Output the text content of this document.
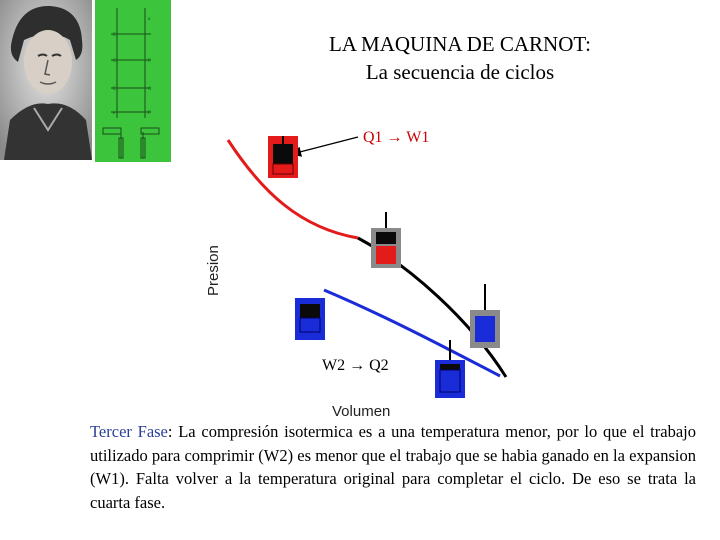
E
a
C	F
E	C
e	F
LA MAQUINA DE CARNOT:
La secuencia de ciclos
Presion
Volumen
Q1 → W1
W2 → Q2
Tercer Fase: La compresión isotermica es a una temperatura menor, por lo que el trabajo utilizado para comprimir (W2) es menor que el trabajo que se habia ganado en la expansion (W1). Falta volver a la temperatura original para completar el ciclo. De eso se trata la cuarta fase.
